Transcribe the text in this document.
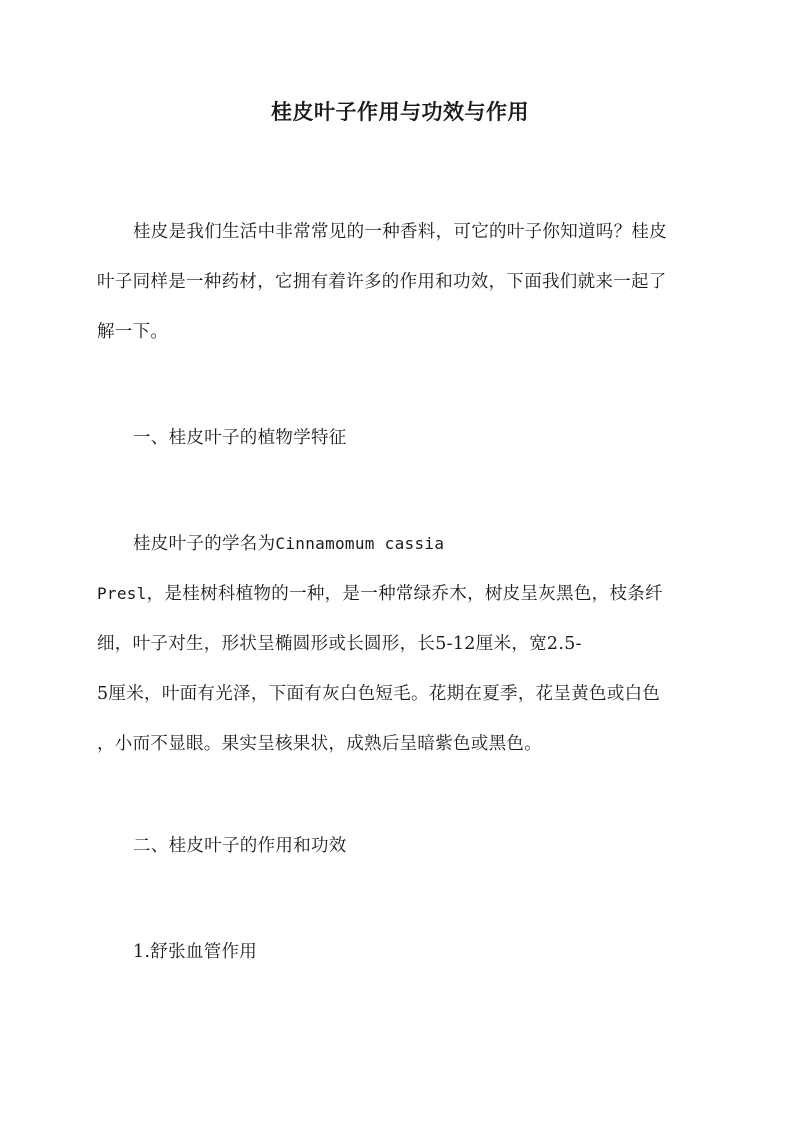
桂皮叶子作用与功效与作用
桂皮是我们生活中非常常见的一种香料，可它的叶子你知道吗？桂皮
叶子同样是一种药材，它拥有着许多的作用和功效，下面我们就来一起了
解一下。
一、桂皮叶子的植物学特征
桂皮叶子的学名为Cinnamomum cassia
Presl，是桂树科植物的一种，是一种常绿乔木，树皮呈灰黑色，枝条纤
细，叶子对生，形状呈椭圆形或长圆形，长5-12厘米，宽2.5-
5厘米，叶面有光泽，下面有灰白色短毛。花期在夏季，花呈黄色或白色
，小而不显眼。果实呈核果状，成熟后呈暗紫色或黑色。
二、桂皮叶子的作用和功效
1.舒张血管作用
